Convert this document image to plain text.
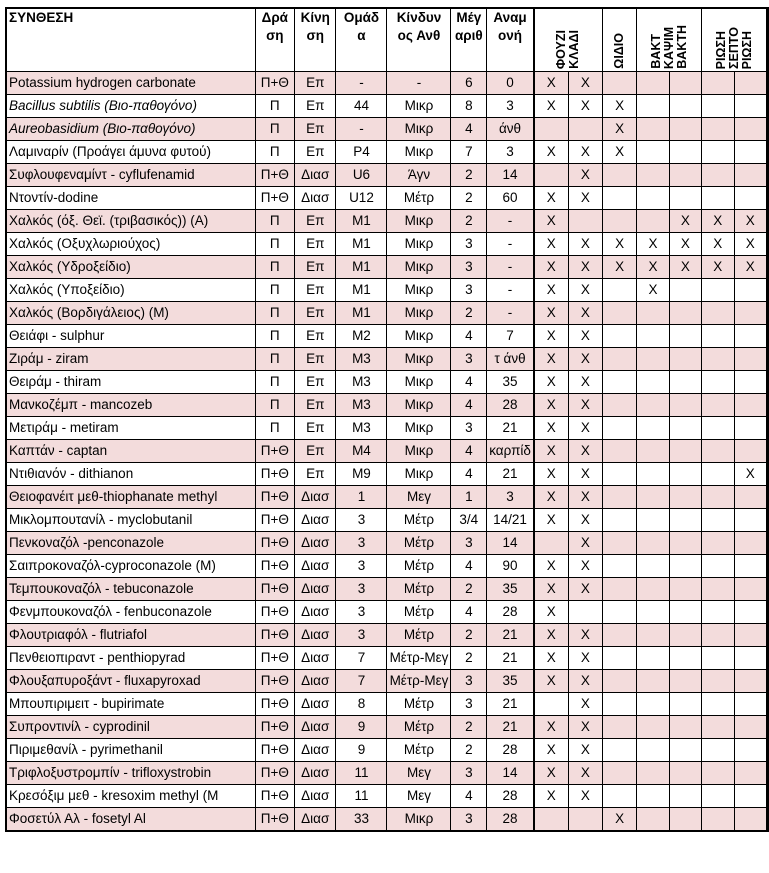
ΣΥΝΘΕΣΗ	Δρά ση	Κίνη ση	Ομάδ α	Κίνδυν ος Ανθ	Μέγ αριθ	Αναμ ονή	ΦΟΥΖΙ ΚΛΑΔΙ		ΩΙΔΙΟ	ΒΑΚΤ ΚΑΨΙΜ ΒΑΚΤΗ		ΡΙΩΣΗ ΣΕΠΤΟ ΡΙΩΣΗ

Potassium hydrogen carbonate	Π+Θ	Επ	-	-	6	0	X	X						
Bacillus subtilis (Βιο-παθογόνο)	Π	Επ	44	Μικρ	8	3	X	X	X					
Aureobasidium (Βιο-παθογόνο)	Π	Επ	-	Μικρ	4	άνθ			X					
Λαμιναρίν (Προάγει άμυνα φυτού)	Π	Επ	P4	Μικρ	7	3	X	X	X					
Συφλουφεναμίντ - cyflufenamid	Π+Θ	Διασ	U6	Άγν	2	14		X						
Ντοντίν-dodine	Π+Θ	Διασ	U12	Μέτρ	2	60	X	X						
Χαλκός (όξ. Θεϊ. (τριβασικός)) (Α)	Π	Επ	M1	Μικρ	2	-	X				X	X	X	
Χαλκός (Οξυχλωριούχος)	Π	Επ	M1	Μικρ	3	-	X	X	X	X	X	X	X	
Χαλκός (Υδροξείδιο)	Π	Επ	M1	Μικρ	3	-	X	X	X	X	X	X	X	
Χαλκός (Υποξείδιο)	Π	Επ	M1	Μικρ	3	-	X	X		X				
Χαλκός (Βορδιγάλειος) (Μ)	Π	Επ	M1	Μικρ	2	-	X	X						
Θειάφι - sulphur	Π	Επ	M2	Μικρ	4	7	X	X						
Ζιράμ - ziram	Π	Επ	M3	Μικρ	3	τ άνθ	X	X						
Θειράμ - thiram	Π	Επ	M3	Μικρ	4	35	X	X						
Μανκοζέμπ - mancozeb	Π	Επ	M3	Μικρ	4	28	X	X						
Μετιράμ - metiram	Π	Επ	M3	Μικρ	3	21	X	X						
Καπτάν - captan	Π+Θ	Επ	M4	Μικρ	4	καρπίδ	X	X						
Ντιθιανόν - dithianon	Π+Θ	Επ	M9	Μικρ	4	21	X	X					X	
Θειοφανέιτ μεθ-thiophanate methyl	Π+Θ	Διασ	1	Μεγ	1	3	X	X						
Μικλομπουτανίλ - myclobutanil	Π+Θ	Διασ	3	Μέτρ	3/4	14/21	X	X						
Πενκοναζόλ -penconazole	Π+Θ	Διασ	3	Μέτρ	3	14		X						
Σαιπροκοναζόλ-cyproconazole (Μ)	Π+Θ	Διασ	3	Μέτρ	4	90	X	X						
Τεμπουκοναζόλ - tebuconazole	Π+Θ	Διασ	3	Μέτρ	2	35	X	X						
Φενμπουκοναζόλ - fenbuconazole	Π+Θ	Διασ	3	Μέτρ	4	28	X							
Φλουτριαφόλ - flutriafol	Π+Θ	Διασ	3	Μέτρ	2	21	X	X						
Πενθειοπιραντ - penthiopyrad	Π+Θ	Διασ	7	Μέτρ-Μεγ	2	21	X	X						
Φλουξαπυροξάντ - fluxapyroxad	Π+Θ	Διασ	7	Μέτρ-Μεγ	3	35	X	X						
Μπουπιριμειτ - bupirimate	Π+Θ	Διασ	8	Μέτρ	3	21		X						
Συπροντινίλ - cyprodinil	Π+Θ	Διασ	9	Μέτρ	2	21	X	X						
Πιριμεθανίλ - pyrimethanil	Π+Θ	Διασ	9	Μέτρ	2	28	X	X						
Τριφλοξυστρομπίν - trifloxystrobin	Π+Θ	Διασ	11	Μεγ	3	14	X	X						
Κρεσόξιμ μεθ - kresoxim methyl (Μ	Π+Θ	Διασ	11	Μεγ	4	28	X	X						
Φοσετύλ Αλ - fosetyl Al	Π+Θ	Διασ	33	Μικρ	3	28			X					
